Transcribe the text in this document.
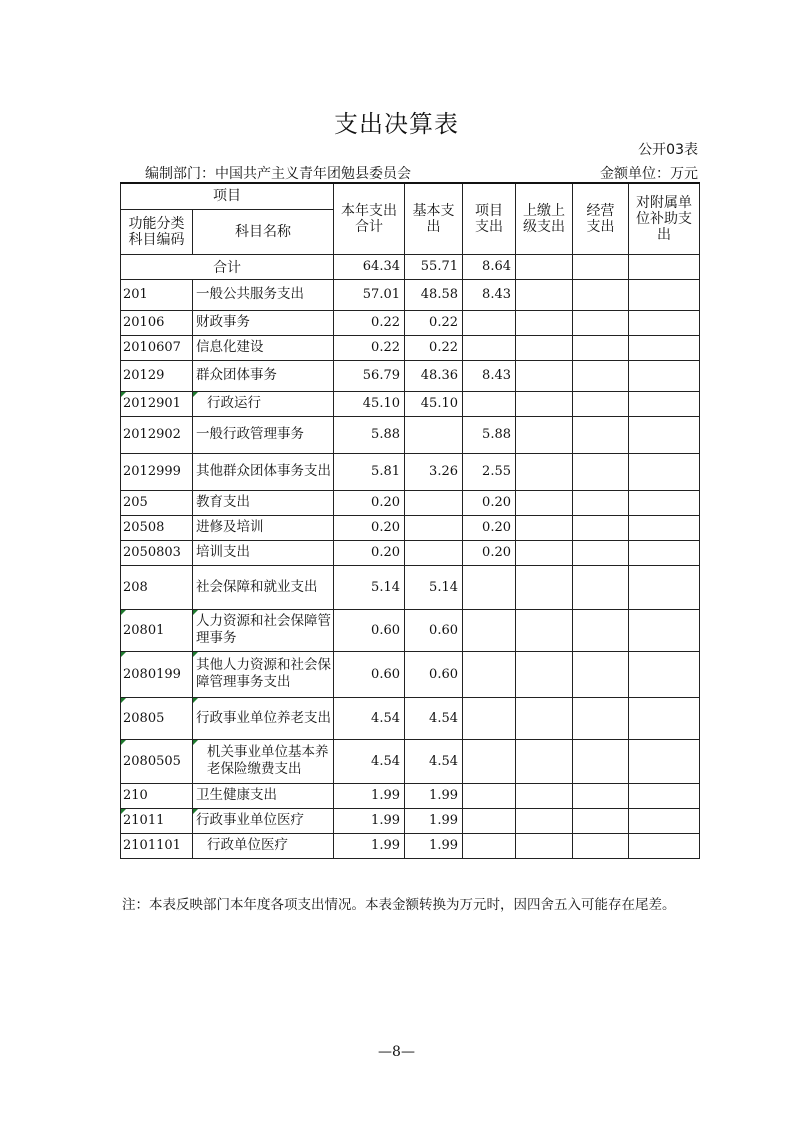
支出决算表
公开03表
编制部门：中国共产主义青年团勉县委员会	金额单位：万元
项目		本年支出合计	基本支出	项目支出	上缴上级支出	经营支出	对附属单位补助支出

功能分类科目编码	科目名称						
合计		64.34	55.71	8.64			
201	一般公共服务支出	57.01	48.58	8.43			
20106	财政事务	0.22	0.22				
2010607	信息化建设	0.22	0.22				
20129	群众团体事务	56.79	48.36	8.43			
2012901	行政运行	45.10	45.10				
2012902	一般行政管理事务	5.88		5.88			
2012999	其他群众团体事务支出	5.81	3.26	2.55			
205	教育支出	0.20		0.20			
20508	进修及培训	0.20		0.20			
2050803	培训支出	0.20		0.20			
208	社会保障和就业支出	5.14	5.14				
20801	人力资源和社会保障管理事务	0.60	0.60				
2080199	其他人力资源和社会保障管理事务支出	0.60	0.60				
20805	行政事业单位养老支出	4.54	4.54				
2080505	机关事业单位基本养老保险缴费支出	4.54	4.54				
210	卫生健康支出	1.99	1.99				
21011	行政事业单位医疗	1.99	1.99				
2101101	行政单位医疗	1.99	1.99				
注：本表反映部门本年度各项支出情况。本表金额转换为万元时，因四舍五入可能存在尾差。
—8—
